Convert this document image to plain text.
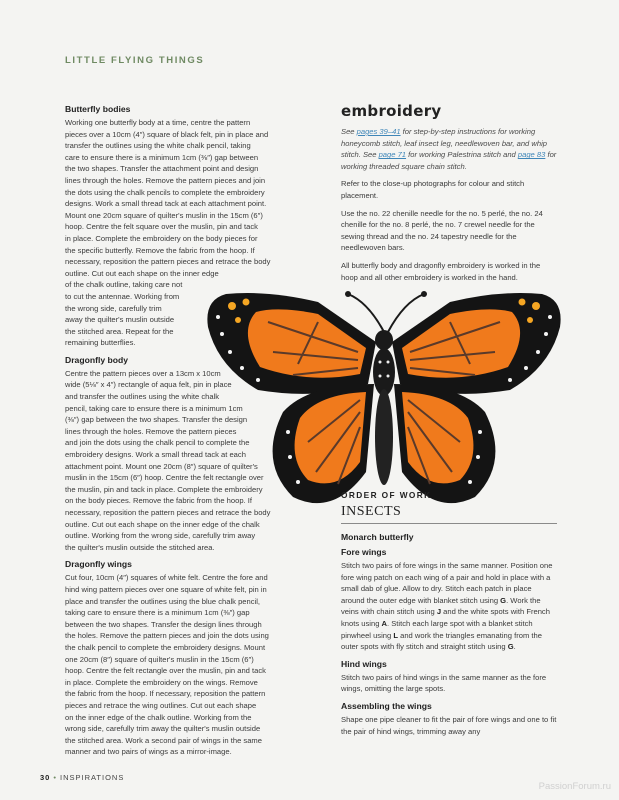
LITTLE FLYING THINGS
Butterfly bodies

Working one butterfly body at a time, centre the pattern
pieces over a 10cm (4″) square of black felt, pin in place and
transfer the outlines using the white chalk pencil, taking
care to ensure there is a minimum 1cm (⅜″) gap between
the two shapes. Transfer the attachment point and design
lines through the holes. Remove the pattern pieces and join
the dots using the chalk pencils to complete the embroidery
designs. Work a small thread tack at each attachment point.
Mount one 20cm square of quilter's muslin in the 15cm (6″)
hoop. Centre the felt square over the muslin, pin and tack
in place. Complete the embroidery on the body pieces for
the specific butterfly. Remove the fabric from the hoop. If
necessary, reposition the pattern pieces and retrace the body
outline. Cut out each shape on the inner edge
of the chalk outline, taking care not
to cut the antennae. Working from
the wrong side, carefully trim
away the quilter's muslin outside
the stitched area. Repeat for the
remaining butterflies.

Dragonfly body

Centre the pattern pieces over a 13cm x 10cm
wide (5⅛″ x 4″) rectangle of aqua felt, pin in place
and transfer the outlines using the white chalk
pencil, taking care to ensure there is a minimum 1cm
(⅜″) gap between the two shapes. Transfer the design
lines through the holes. Remove the pattern pieces
and join the dots using the chalk pencil to complete the
embroidery designs. Work a small thread tack at each
attachment point. Mount one 20cm (8″) square of quilter's
muslin in the 15cm (6″) hoop. Centre the felt rectangle over
the muslin, pin and tack in place. Complete the embroidery
on the body pieces. Remove the fabric from the hoop. If
necessary, reposition the pattern pieces and retrace the body
outline. Cut out each shape on the inner edge of the chalk
outline. Working from the wrong side, carefully trim away
the quilter's muslin outside the stitched area.

Dragonfly wings

Cut four, 10cm (4″) squares of white felt. Centre the fore and
hind wing pattern pieces over one square of white felt, pin in
place and transfer the outlines using the blue chalk pencil,
taking care to ensure there is a minimum 1cm (⅜″) gap
between the two shapes. Transfer the design lines through
the holes. Remove the pattern pieces and join the dots using
the chalk pencil to complete the embroidery designs. Mount
one 20cm (8″) square of quilter's muslin in the 15cm (6″)
hoop. Centre the felt rectangle over the muslin, pin and tack
in place. Complete the embroidery on the wings. Remove
the fabric from the hoop. If necessary, reposition the pattern
pieces and retrace the wing outlines. Cut out each shape
on the inner edge of the chalk outline. Working from the
wrong side, carefully trim away the quilter's muslin outside
the stitched area. Work a second pair of wings in the same
manner and two pairs of wings as a mirror-image.

embroidery

See pages 39–41 for step-by-step instructions for working honeycomb stitch, leaf insect leg, needlewoven bar, and whip stitch. See page 71 for working Palestrina stitch and page 83 for working threaded square chain stitch.

Refer to the close-up photographs for colour and stitch placement.

Use the no. 22 chenille needle for the no. 5 perlé, the no. 24 chenille for the no. 8 perlé, the no. 7 crewel needle for the sewing thread and the no. 24 tapestry needle for the needlewoven bars.

All butterfly body and dragonfly embroidery is worked in the hoop and all other embroidery is worked in the hand.

ORDER OF WORK
INSECTS
Monarch butterfly
Fore wings

Stitch two pairs of fore wings in the same manner. Position one fore wing patch on each wing of a pair and hold in place with a small dab of glue. Allow to dry. Stitch each patch in place around the outer edge with blanket stitch using G. Work the veins with chain stitch using J and the white spots with French knots using A. Stitch each large spot with a blanket stitch pinwheel using L and work the triangles emanating from the outer spots with fly stitch and straight stitch using G.

Hind wings

Stitch two pairs of hind wings in the same manner as the fore wings, omitting the large spots.

Assembling the wings

Shape one pipe cleaner to fit the pair of fore wings and one to fit the pair of hind wings, trimming away any

30 • INSPIRATIONS
PassionForum.ru
